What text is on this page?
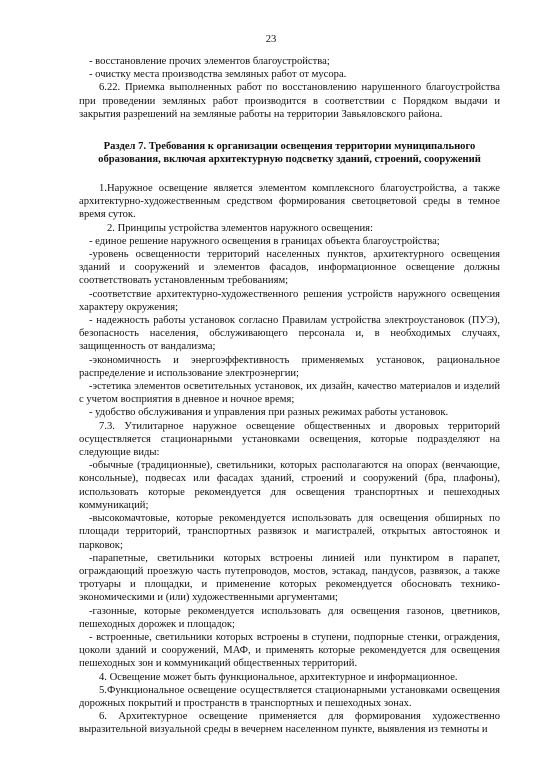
23

- восстановление прочих элементов благоустройства;

- очистку места производства земляных работ от мусора.

6.22. Приемка выполненных работ по восстановлению нарушенного благоустройства при проведении земляных работ производится в соответствии с Порядком выдачи и закрытия разрешений на земляные работы на территории Завьяловского района.

Раздел 7. Требования к организации освещения территории муниципального образования, включая архитектурную подсветку зданий, строений, сооружений

1.Наружное освещение является элементом комплексного благоустройства, а также архитектурно-художественным средством формирования светоцветовой среды в темное время суток.

2. Принципы устройства элементов наружного освещения:

- единое решение наружного освещения в границах объекта благоустройства;

-уровень освещенности территорий населенных пунктов, архитектурного освещения зданий и сооружений и элементов фасадов, информационное освещение должны соответствовать установленным требованиям;

-соответствие архитектурно-художественного решения устройств наружного освещения характеру окружения;

- надежность работы установок согласно Правилам устройства электроустановок (ПУЭ), безопасность населения, обслуживающего персонала и, в необходимых случаях, защищенность от вандализма;

-экономичность и энергоэффективность применяемых установок, рациональное распределение и использование электроэнергии;

-эстетика элементов осветительных установок, их дизайн, качество материалов и изделий с учетом восприятия в дневное и ночное время;

- удобство обслуживания и управления при разных режимах работы установок.

7.3. Утилитарное наружное освещение общественных и дворовых территорий осуществляется стационарными установками освещения, которые подразделяют на следующие виды:

-обычные (традиционные), светильники, которых располагаются на опорах (венчающие, консольные), подвесах или фасадах зданий, строений и сооружений (бра, плафоны), использовать которые рекомендуется для освещения транспортных и пешеходных коммуникаций;

-высокомачтовые, которые рекомендуется использовать для освещения обширных по площади территорий, транспортных развязок и магистралей, открытых автостоянок и парковок;

-парапетные, светильники которых встроены линией или пунктиром в парапет, ограждающий проезжую часть путепроводов, мостов, эстакад, пандусов, развязок, а также тротуары и площадки, и применение которых рекомендуется обосновать технико-экономическими и (или) художественными аргументами;

-газонные, которые рекомендуется использовать для освещения газонов, цветников, пешеходных дорожек и площадок;

- встроенные, светильники которых встроены в ступени, подпорные стенки, ограждения, цоколи зданий и сооружений, МАФ, и применять которые рекомендуется для освещения пешеходных зон и коммуникаций общественных территорий.

4. Освещение может быть функциональное, архитектурное и информационное.

5.Функциональное освещение осуществляется стационарными установками освещения дорожных покрытий и пространств в транспортных и пешеходных зонах.

6. Архитектурное освещение применяется для формирования художественно выразительной визуальной среды в вечернем населенном пункте, выявления из темноты и
